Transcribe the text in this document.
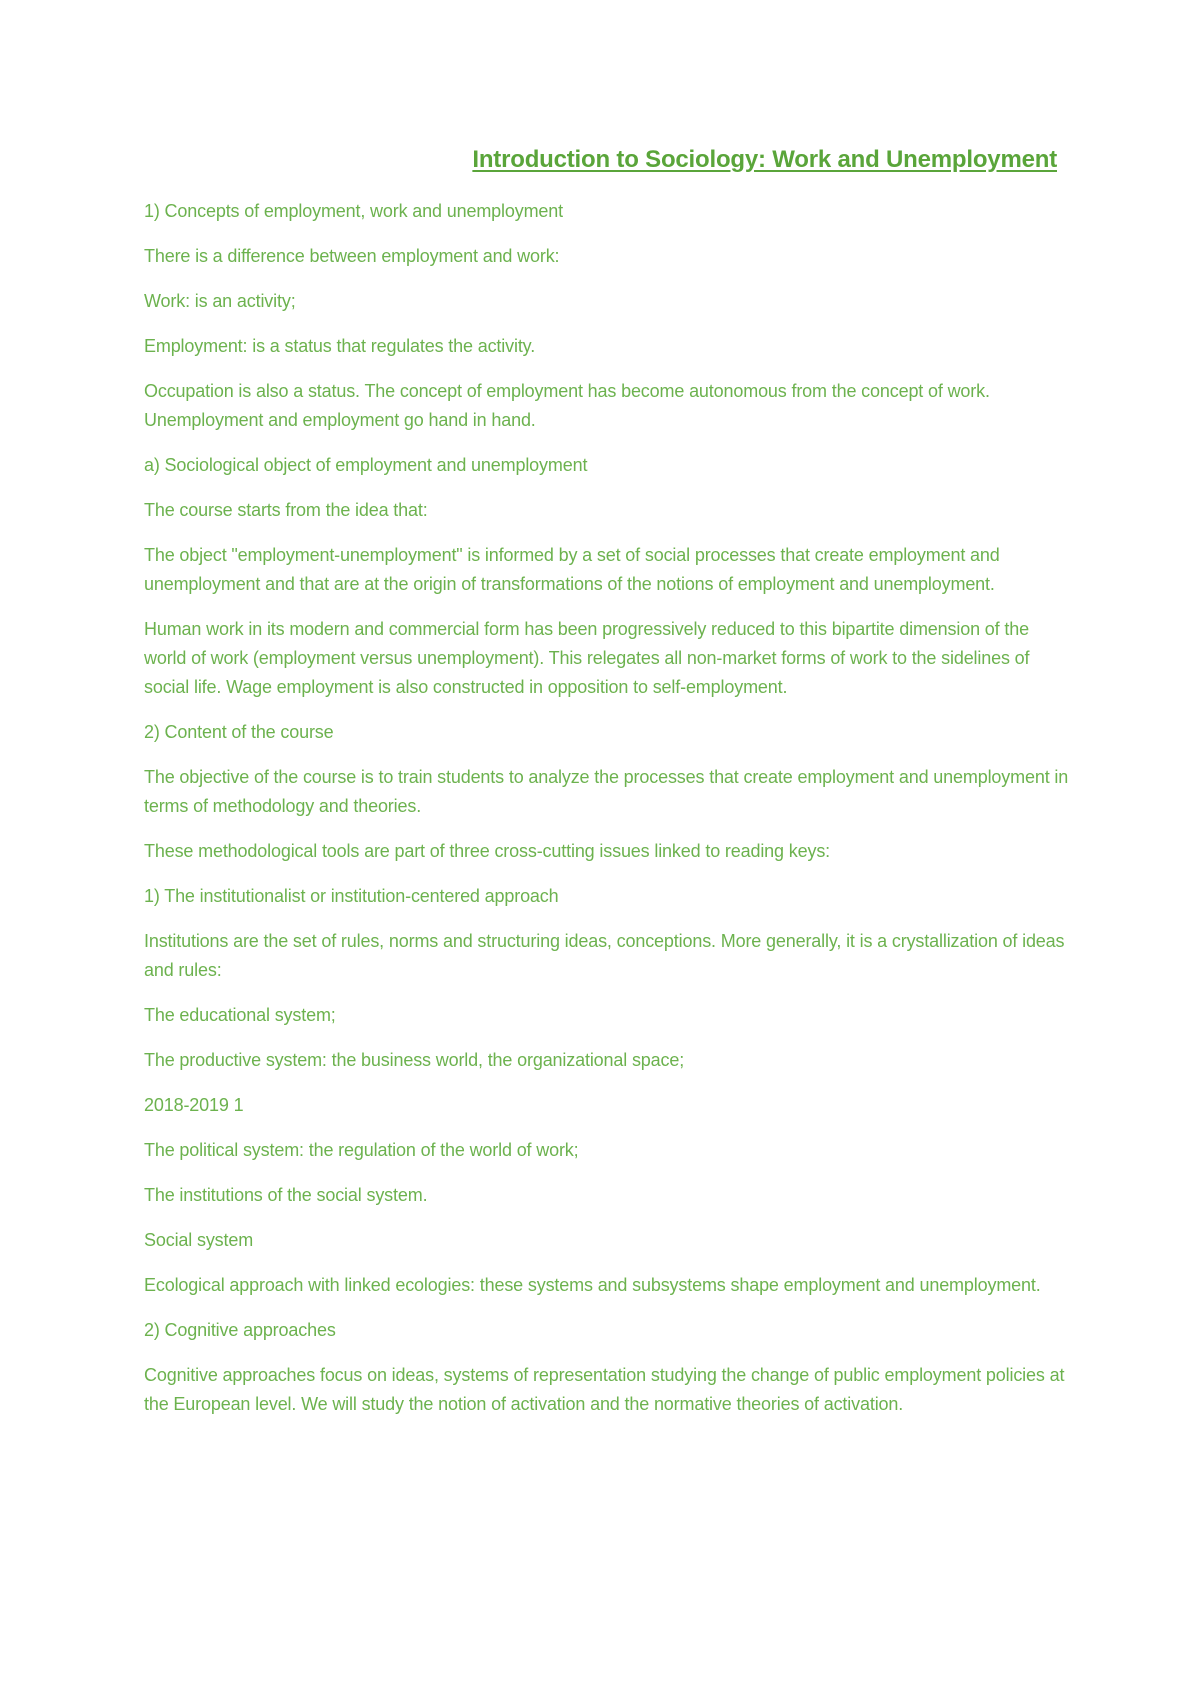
Introduction to Sociology: Work and Unemployment

1) Concepts of employment, work and unemployment

There is a difference between employment and work:

Work: is an activity;

Employment: is a status that regulates the activity.

Occupation is also a status. The concept of employment has become autonomous from the concept of work. Unemployment and employment go hand in hand.

a) Sociological object of employment and unemployment

The course starts from the idea that:

The object "employment-unemployment" is informed by a set of social processes that create employment and unemployment and that are at the origin of transformations of the notions of employment and unemployment.

Human work in its modern and commercial form has been progressively reduced to this bipartite dimension of the world of work (employment versus unemployment). This relegates all non-market forms of work to the sidelines of social life. Wage employment is also constructed in opposition to self-employment.

2) Content of the course

The objective of the course is to train students to analyze the processes that create employment and unemployment in terms of methodology and theories.

These methodological tools are part of three cross-cutting issues linked to reading keys:

1) The institutionalist or institution-centered approach

Institutions are the set of rules, norms and structuring ideas, conceptions. More generally, it is a crystallization of ideas and rules:

The educational system;

The productive system: the business world, the organizational space;

2018-2019 1

The political system: the regulation of the world of work;

The institutions of the social system.

Social system

Ecological approach with linked ecologies: these systems and subsystems shape employment and unemployment.

2) Cognitive approaches

Cognitive approaches focus on ideas, systems of representation studying the change of public employment policies at the European level. We will study the notion of activation and the normative theories of activation.
